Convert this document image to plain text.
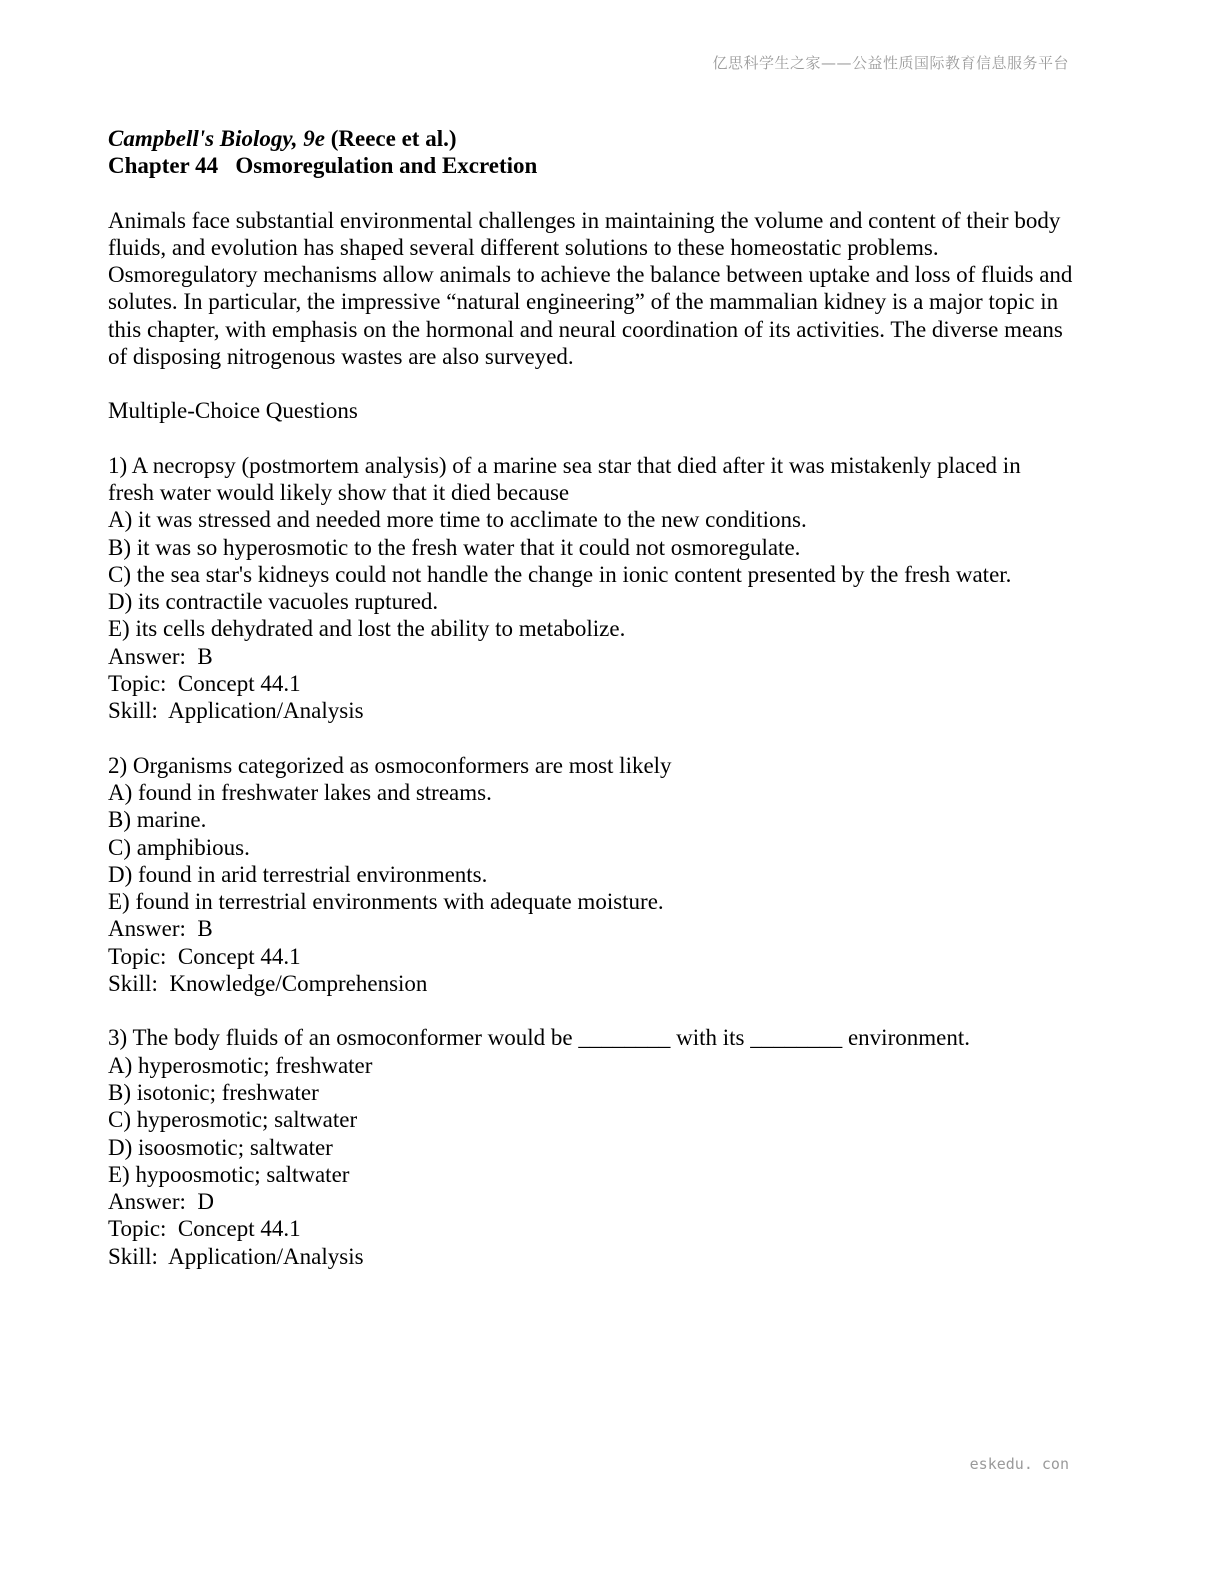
亿思科学生之家——公益性质国际教育信息服务平台
Campbell's Biology, 9e (Reece et al.)
Chapter 44   Osmoregulation and Excretion
Animals face substantial environmental challenges in maintaining the volume and content of their body
fluids, and evolution has shaped several different solutions to these homeostatic problems.
Osmoregulatory mechanisms allow animals to achieve the balance between uptake and loss of fluids and
solutes. In particular, the impressive “natural engineering” of the mammalian kidney is a major topic in
this chapter, with emphasis on the hormonal and neural coordination of its activities. The diverse means
of disposing nitrogenous wastes are also surveyed.
Multiple-Choice Questions
1) A necropsy (postmortem analysis) of a marine sea star that died after it was mistakenly placed in
fresh water would likely show that it died because
A) it was stressed and needed more time to acclimate to the new conditions.
B) it was so hyperosmotic to the fresh water that it could not osmoregulate.
C) the sea star's kidneys could not handle the change in ionic content presented by the fresh water.
D) its contractile vacuoles ruptured.
E) its cells dehydrated and lost the ability to metabolize.
Answer:  B
Topic:  Concept 44.1
Skill:  Application/Analysis
2) Organisms categorized as osmoconformers are most likely
A) found in freshwater lakes and streams.
B) marine.
C) amphibious.
D) found in arid terrestrial environments.
E) found in terrestrial environments with adequate moisture.
Answer:  B
Topic:  Concept 44.1
Skill:  Knowledge/Comprehension
3) The body fluids of an osmoconformer would be ________ with its ________ environment.
A) hyperosmotic; freshwater
B) isotonic; freshwater
C) hyperosmotic; saltwater
D) isoosmotic; saltwater
E) hypoosmotic; saltwater
Answer:  D
Topic:  Concept 44.1
Skill:  Application/Analysis
eskedu. con
